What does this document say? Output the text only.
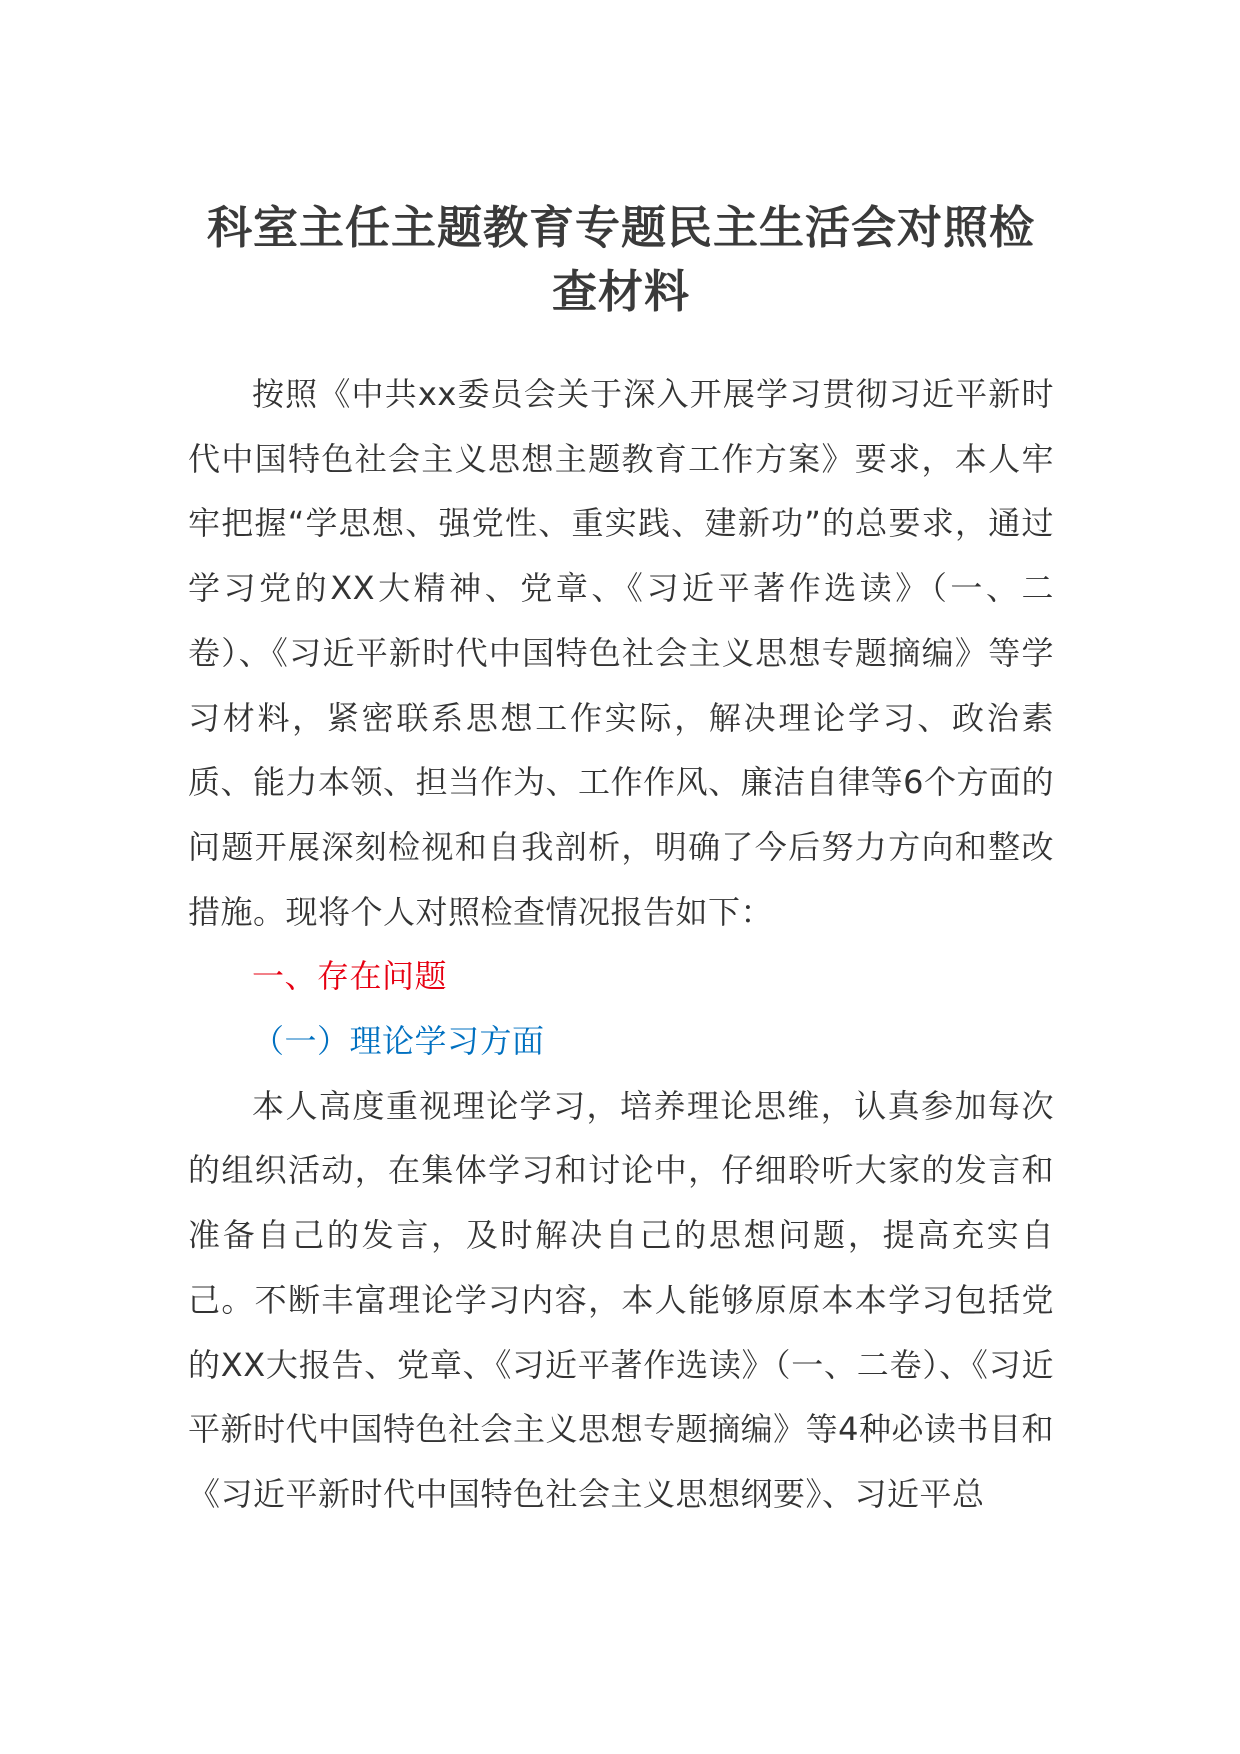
科室主任主题教育专题民主生活会对照检查材料

按照《中共xx委员会关于深入开展学习贯彻习近平新时代中国特色社会主义思想主题教育工作方案》要求，本人牢牢把握“学思想、强党性、重实践、建新功”的总要求，通过学习党的XX大精神、党章、《习近平著作选读》（一、二卷）、《习近平新时代中国特色社会主义思想专题摘编》等学习材料，紧密联系思想工作实际，解决理论学习、政治素质、能力本领、担当作为、工作作风、廉洁自律等6个方面的问题开展深刻检视和自我剖析，明确了今后努力方向和整改措施。现将个人对照检查情况报告如下：

一、存在问题

（一）理论学习方面

本人高度重视理论学习，培养理论思维，认真参加每次的组织活动，在集体学习和讨论中，仔细聆听大家的发言和准备自己的发言，及时解决自己的思想问题，提高充实自己。不断丰富理论学习内容，本人能够原原本本学习包括党的XX大报告、党章、《习近平著作选读》（一、二卷）、《习近平新时代中国特色社会主义思想专题摘编》等4种必读书目和《习近平新时代中国特色社会主义思想纲要》、习近平总
